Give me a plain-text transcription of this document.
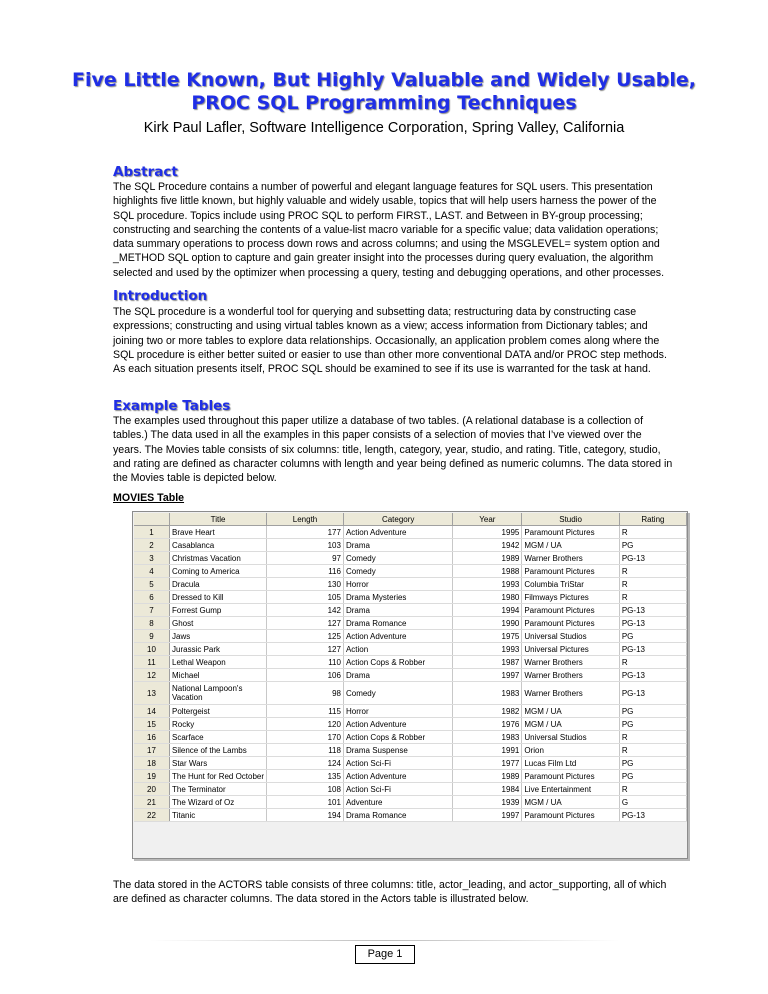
Five Little Known, But Highly Valuable and Widely Usable,
PROC SQL Programming Techniques
Kirk Paul Lafler, Software Intelligence Corporation, Spring Valley, California
Abstract

The SQL Procedure contains a number of powerful and elegant language features for SQL users. This presentation highlights five little known, but highly valuable and widely usable, topics that will help users harness the power of the SQL procedure. Topics include using PROC SQL to perform FIRST., LAST. and Between in BY-group processing; constructing and searching the contents of a value-list macro variable for a specific value; data validation operations; data summary operations to process down rows and across columns; and using the MSGLEVEL= system option and _METHOD SQL option to capture and gain greater insight into the processes during query evaluation, the algorithm selected and used by the optimizer when processing a query, testing and debugging operations, and other processes.

Introduction

The SQL procedure is a wonderful tool for querying and subsetting data; restructuring data by constructing case expressions; constructing and using virtual tables known as a view; access information from Dictionary tables; and joining two or more tables to explore data relationships. Occasionally, an application problem comes along where the SQL procedure is either better suited or easier to use than other more conventional DATA and/or PROC step methods. As each situation presents itself, PROC SQL should be examined to see if its use is warranted for the task at hand.

Example Tables

The examples used throughout this paper utilize a database of two tables. (A relational database is a collection of tables.) The data used in all the examples in this paper consists of a selection of movies that I’ve viewed over the years. The Movies table consists of six columns: title, length, category, year, studio, and rating. Title, category, studio, and rating are defined as character columns with length and year being defined as numeric columns. The data stored in the Movies table is depicted below.

MOVIES Table
	Title	Length	Category	Year	Studio	Rating
1	Brave Heart	177	Action Adventure	1995	Paramount Pictures	R
2	Casablanca	103	Drama	1942	MGM / UA	PG
3	Christmas Vacation	97	Comedy	1989	Warner Brothers	PG-13
4	Coming to America	116	Comedy	1988	Paramount Pictures	R
5	Dracula	130	Horror	1993	Columbia TriStar	R
6	Dressed to Kill	105	Drama Mysteries	1980	Filmways Pictures	R
7	Forrest Gump	142	Drama	1994	Paramount Pictures	PG-13
8	Ghost	127	Drama Romance	1990	Paramount Pictures	PG-13
9	Jaws	125	Action Adventure	1975	Universal Studios	PG
10	Jurassic Park	127	Action	1993	Universal Pictures	PG-13
11	Lethal Weapon	110	Action Cops & Robber	1987	Warner Brothers	R
12	Michael	106	Drama	1997	Warner Brothers	PG-13
13	National Lampoon's Vacation	98	Comedy	1983	Warner Brothers	PG-13
14	Poltergeist	115	Horror	1982	MGM / UA	PG
15	Rocky	120	Action Adventure	1976	MGM / UA	PG
16	Scarface	170	Action Cops & Robber	1983	Universal Studios	R
17	Silence of the Lambs	118	Drama Suspense	1991	Orion	R
18	Star Wars	124	Action Sci-Fi	1977	Lucas Film Ltd	PG
19	The Hunt for Red October	135	Action Adventure	1989	Paramount Pictures	PG
20	The Terminator	108	Action Sci-Fi	1984	Live Entertainment	R
21	The Wizard of Oz	101	Adventure	1939	MGM / UA	G
22	Titanic	194	Drama Romance	1997	Paramount Pictures	PG-13

The data stored in the ACTORS table consists of three columns: title, actor_leading, and actor_supporting, all of which are defined as character columns. The data stored in the Actors table is illustrated below.

Page 1
